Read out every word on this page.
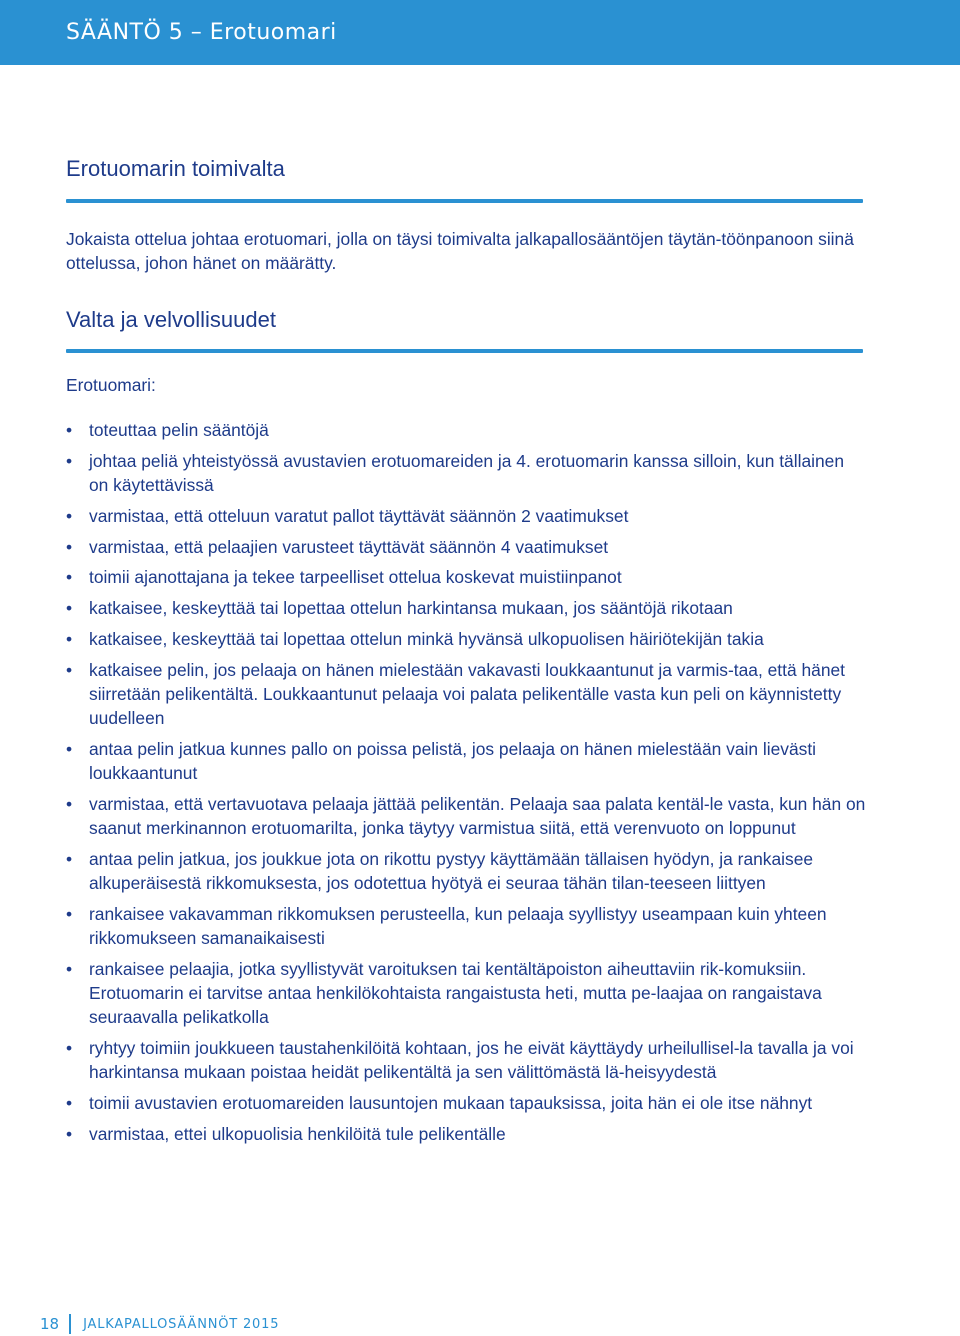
SÄÄNTÖ 5 – Erotuomari
Erotuomarin toimivalta
Jokaista ottelua johtaa erotuomari, jolla on täysi toimivalta jalkapallosääntöjen täytän-töönpanoon siinä ottelussa, johon hänet on määrätty.
Valta ja velvollisuudet
Erotuomari:
• toteuttaa pelin sääntöjä
• johtaa peliä yhteistyössä avustavien erotuomareiden ja 4. erotuomarin kanssa silloin, kun tällainen on käytettävissä
• varmistaa, että otteluun varatut pallot täyttävät säännön 2 vaatimukset
• varmistaa, että pelaajien varusteet täyttävät säännön 4 vaatimukset
• toimii ajanottajana ja tekee tarpeelliset ottelua koskevat muistiinpanot
• katkaisee, keskeyttää tai lopettaa ottelun harkintansa mukaan, jos sääntöjä rikotaan
• katkaisee, keskeyttää tai lopettaa ottelun minkä hyvänsä ulkopuolisen häiriötekijän takia
• katkaisee pelin, jos pelaaja on hänen mielestään vakavasti loukkaantunut ja varmis-taa, että hänet siirretään pelikentältä. Loukkaantunut pelaaja voi palata pelikentälle vasta kun peli on käynnistetty uudelleen
• antaa pelin jatkua kunnes pallo on poissa pelistä, jos pelaaja on hänen mielestään vain lievästi loukkaantunut
• varmistaa, että vertavuotava pelaaja jättää pelikentän. Pelaaja saa palata kentäl-le vasta, kun hän on saanut merkinannon erotuomarilta, jonka täytyy varmistua siitä, että verenvuoto on loppunut
• antaa pelin jatkua, jos joukkue jota on rikottu pystyy käyttämään tällaisen hyödyn, ja rankaisee alkuperäisestä rikkomuksesta, jos odotettua hyötyä ei seuraa tähän tilan-teeseen liittyen
• rankaisee vakavamman rikkomuksen perusteella, kun pelaaja syyllistyy useampaan kuin yhteen rikkomukseen samanaikaisesti
• rankaisee pelaajia, jotka syyllistyvät varoituksen tai kentältäpoiston aiheuttaviin rik-komuksiin. Erotuomarin ei tarvitse antaa henkilökohtaista rangaistusta heti, mutta pe-laajaa on rangaistava seuraavalla pelikatkolla
• ryhtyy toimiin joukkueen taustahenkilöitä kohtaan, jos he eivät käyttäydy urheilullisel-la tavalla ja voi harkintansa mukaan poistaa heidät pelikentältä ja sen välittömästä lä-heisyydestä
• toimii avustavien erotuomareiden lausuntojen mukaan tapauksissa, joita hän ei ole itse nähnyt
• varmistaa, ettei ulkopuolisia henkilöitä tule pelikentälle
18 JALKAPALLOSÄÄNNÖT 2015
